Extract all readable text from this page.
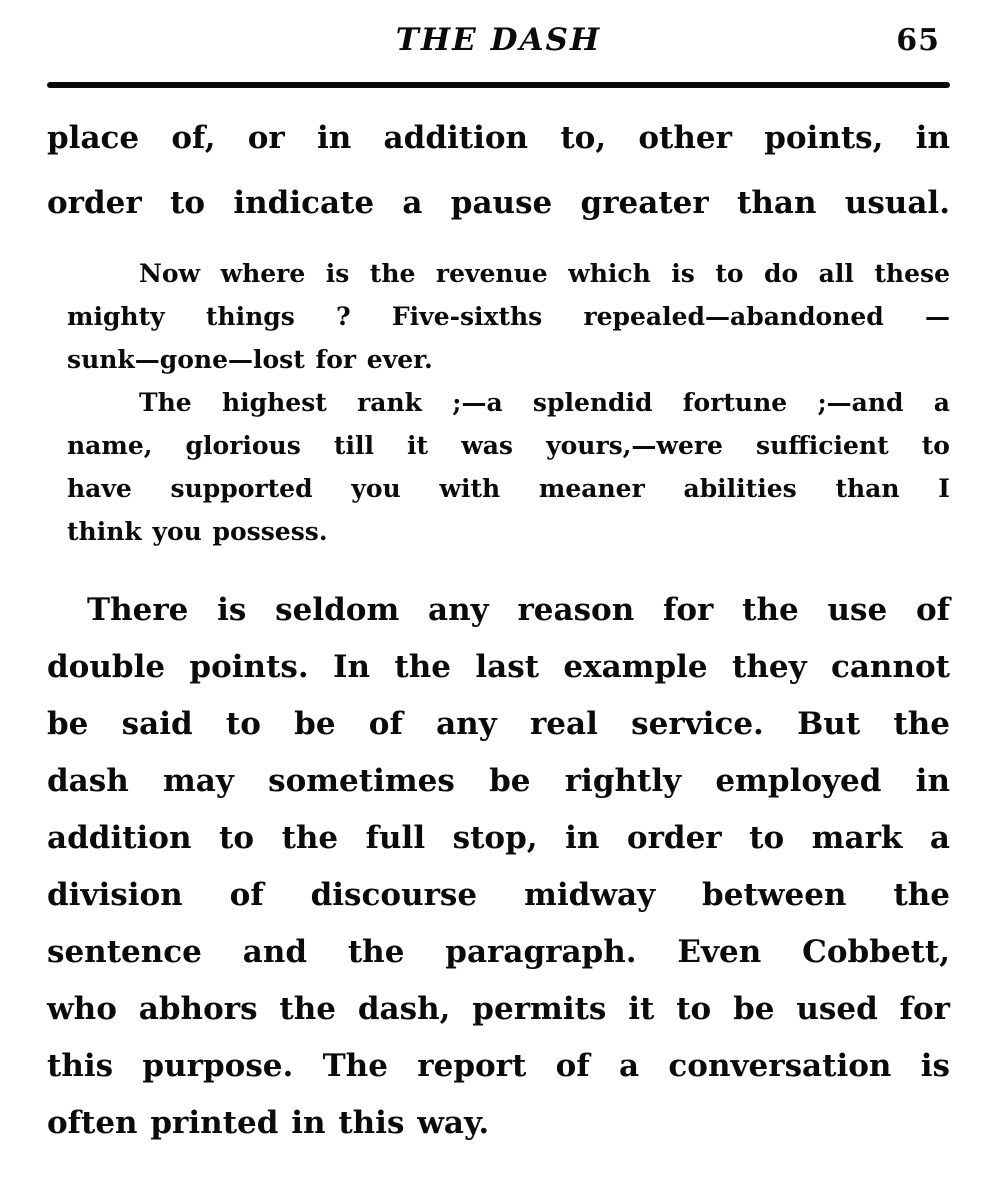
THE DASH	65
place of, or in addition to, other points, in
order to indicate a pause greater than usual.
Now where is the revenue which is to do all these
mighty things ? Five-sixths repealed—abandoned —
sunk—gone—lost for ever.
The highest rank ;—a splendid fortune ;—and a
name, glorious till it was yours,—were sufficient to
have supported you with meaner abilities than I
think you possess.
There is seldom any reason for the use of
double points. In the last example they cannot
be said to be of any real service. But the
dash may sometimes be rightly employed in
addition to the full stop, in order to mark a
division of discourse midway between the
sentence and the paragraph. Even Cobbett,
who abhors the dash, permits it to be used for
this purpose. The report of a conversation is
often printed in this way.
